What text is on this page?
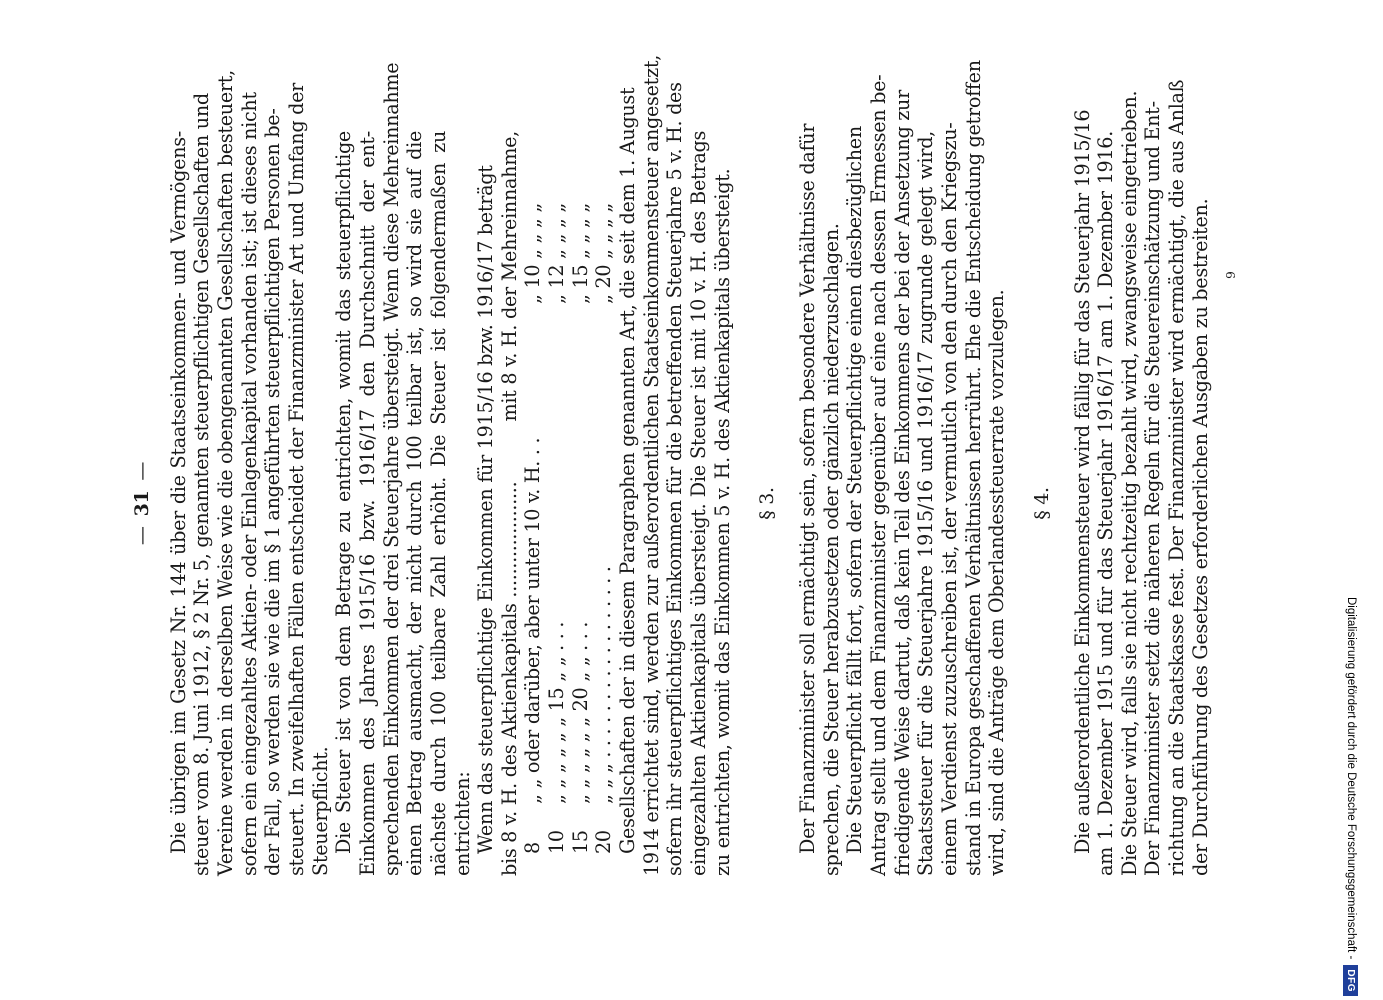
—
31
— Die übrigen im Gesetz Nr. 144 über die Staatseinkommen- und Vermögens- steuer vom 8. Juni 1912, § 2 Nr. 5, genannten steuerpflichtigen Gesellschaften und Vereine werden in derselben Weise wie die obengenannten Gesellschaften besteuert, sofern ein eingezahltes Aktien- oder Einlagenkapital vorhanden ist; ist dieses nicht der Fall, so werden sie wie die im § 1 angeführten steuerpflichtigen Personen be- steuert. In zweifelhaften Fällen entscheidet der Finanzminister Art und Umfang der Steuerpflicht. Die Steuer ist von dem Betrage zu entrichten, womit das steuerpflichtige Einkommen des Jahres 1915/16 bzw. 1916/17 den Durchschnitt der ent- sprechenden Einkommen der drei Steuerjahre übersteigt. Wenn diese Mehreinnahme einen Betrag ausmacht, der nicht durch 100 teilbar ist, so wird sie auf die nächste durch 100 teilbare Zahl erhöht. Die Steuer ist folgendermaßen zu entrichten: Wenn das steuerpflichtige Einkommen für 1915/16 bzw. 1916/17 beträgt bis 8 v. H. des Aktienkapitals ....................
mit 8 v. H. der Mehreinnahme,
8
„ „ oder darüber, aber unter 10 v. H. . .
„ 10 „ „ „ „
10
„ „ „ „ „ „ 15 „ „ . . .
„ 12 „ „ „ „
15
„ „ „ „ „ „ 20 „ „ . . .
„ 15 „ „ „ „
20
„ „ „ . . . . . . . . . . . . . . . . .
„ 20 „ „ „ „ Gesellschaften der in diesem Paragraphen genannten Art, die seit dem 1. August 1914 errichtet sind, werden zur außerordentlichen Staatseinkommensteuer angesetzt, sofern ihr steuerpflichtiges Einkommen für die betreffenden Steuerjahre 5 v. H. des eingezahlten Aktienkapitals übersteigt. Die Steuer ist mit 10 v. H. des Betrags zu entrichten, womit das Einkommen 5 v. H. des Aktienkapitals übersteigt. § 3. Der Finanzminister soll ermächtigt sein, sofern besondere Verhältnisse dafür sprechen, die Steuer herabzusetzen oder gänzlich niederzuschlagen. Die Steuerpflicht fällt fort, sofern der Steuerpflichtige einen diesbezüglichen Antrag stellt und dem Finanzminister gegenüber auf eine nach dessen Ermessen be- friedigende Weise dartut, daß kein Teil des Einkommens der bei der Ansetzung zur Staatssteuer für die Steuerjahre 1915/16 und 1916/17 zugrunde gelegt wird, einem Verdienst zuzuschreiben ist, der vermutlich von den durch den Kriegszu- stand in Europa geschaffenen Verhältnissen herrührt. Ehe die Entscheidung getroffen wird, sind die Anträge dem Oberlandessteuerrate vorzulegen. § 4. Die außerordentliche Einkommensteuer wird fällig für das Steuerjahr 1915/16 am 1. Dezember 1915 und für das Steuerjahr 1916/17 am 1. Dezember 1916. Die Steuer wird, falls sie nicht rechtzeitig bezahlt wird, zwangsweise eingetrieben. Der Finanzminister setzt die näheren Regeln für die Steuereinschätzung und Ent- richtung an die Staatskasse fest. Der Finanzminister wird ermächtigt, die aus Anlaß der Durchführung des Gesetzes erforderlichen Ausgaben zu bestreiten. 9
Digitalisierung gefördert durch die Deutsche Forschungsgemeinschaft -
DFG
